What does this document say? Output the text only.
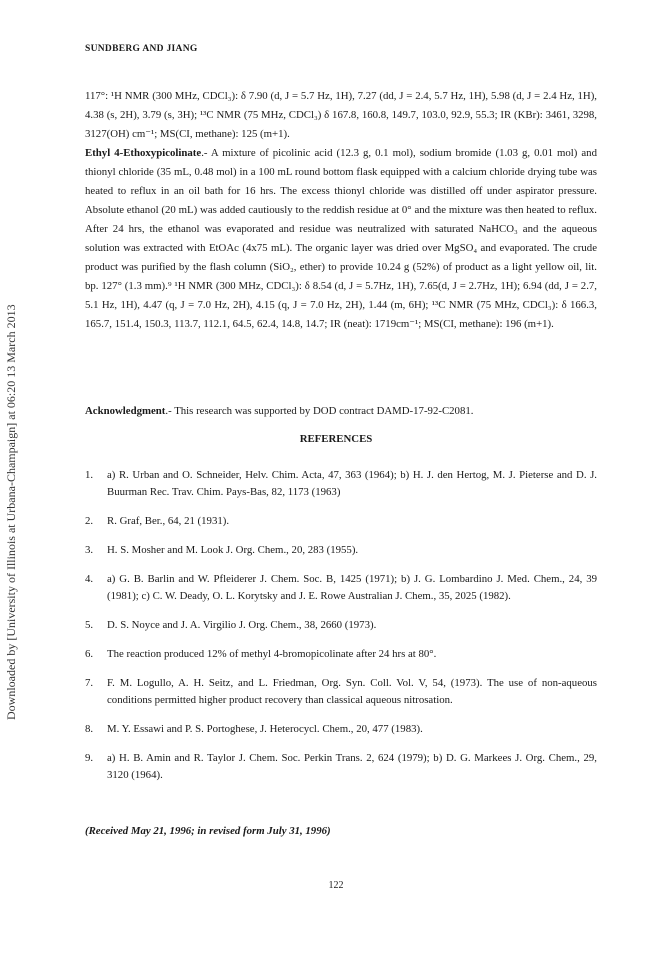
SUNDBERG AND JIANG
Downloaded by [University of Illinois at Urbana-Champaign] at 06:20 13 March 2013

117°: ¹H NMR (300 MHz, CDCl₃): δ 7.90 (d, J = 5.7 Hz, 1H), 7.27 (dd, J = 2.4, 5.7 Hz, 1H), 5.98 (d, J = 2.4 Hz, 1H), 4.38 (s, 2H), 3.79 (s, 3H); ¹³C NMR (75 MHz, CDCl₃) δ 167.8, 160.8, 149.7, 103.0, 92.9, 55.3; IR (KBr): 3461, 3298, 3127(OH) cm⁻¹; MS(CI, methane): 125 (m+1).

Ethyl 4-Ethoxypicolinate.- A mixture of picolinic acid (12.3 g, 0.1 mol), sodium bromide (1.03 g, 0.01 mol) and thionyl chloride (35 mL, 0.48 mol) in a 100 mL round bottom flask equipped with a calcium chloride drying tube was heated to reflux in an oil bath for 16 hrs. The excess thionyl chloride was distilled off under aspirator pressure. Absolute ethanol (20 mL) was added cautiously to the reddish residue at 0° and the mixture was then heated to reflux. After 24 hrs, the ethanol was evaporated and residue was neutralized with saturated NaHCO₃ and the aqueous solution was extracted with EtOAc (4x75 mL). The organic layer was dried over MgSO₄ and evaporated. The crude product was purified by the flash column (SiO₂, ether) to provide 10.24 g (52%) of product as a light yellow oil, lit. bp. 127° (1.3 mm).⁹ ¹H NMR (300 MHz, CDCl₃): δ 8.54 (d, J = 5.7Hz, 1H), 7.65(d, J = 2.7Hz, 1H); 6.94 (dd, J = 2.7, 5.1 Hz, 1H), 4.47 (q, J = 7.0 Hz, 2H), 4.15 (q, J = 7.0 Hz, 2H), 1.44 (m, 6H); ¹³C NMR (75 MHz, CDCl₃): δ 166.3, 165.7, 151.4, 150.3, 113.7, 112.1, 64.5, 62.4, 14.8, 14.7; IR (neat): 1719cm⁻¹; MS(CI, methane): 196 (m+1).

Acknowledgment.- This research was supported by DOD contract DAMD-17-92-C2081.
REFERENCES
1. a) R. Urban and O. Schneider, Helv. Chim. Acta, 47, 363 (1964); b) H. J. den Hertog, M. J. Pieterse and D. J. Buurman Rec. Trav. Chim. Pays-Bas, 82, 1173 (1963)
2. R. Graf, Ber., 64, 21 (1931).
3. H. S. Mosher and M. Look J. Org. Chem., 20, 283 (1955).
4. a) G. B. Barlin and W. Pfleiderer J. Chem. Soc. B, 1425 (1971); b) J. G. Lombardino J. Med. Chem., 24, 39 (1981); c) C. W. Deady, O. L. Korytsky and J. E. Rowe Australian J. Chem., 35, 2025 (1982).
5. D. S. Noyce and J. A. Virgilio J. Org. Chem., 38, 2660 (1973).
6. The reaction produced 12% of methyl 4-bromopicolinate after 24 hrs at 80°.
7. F. M. Logullo, A. H. Seitz, and L. Friedman, Org. Syn. Coll. Vol. V, 54, (1973). The use of non-aqueous conditions permitted higher product recovery than classical aqueous nitrosation.
8. M. Y. Essawi and P. S. Portoghese, J. Heterocycl. Chem., 20, 477 (1983).
9. a) H. B. Amin and R. Taylor J. Chem. Soc. Perkin Trans. 2, 624 (1979); b) D. G. Markees J. Org. Chem., 29, 3120 (1964).
(Received May 21, 1996; in revised form July 31, 1996)
122
